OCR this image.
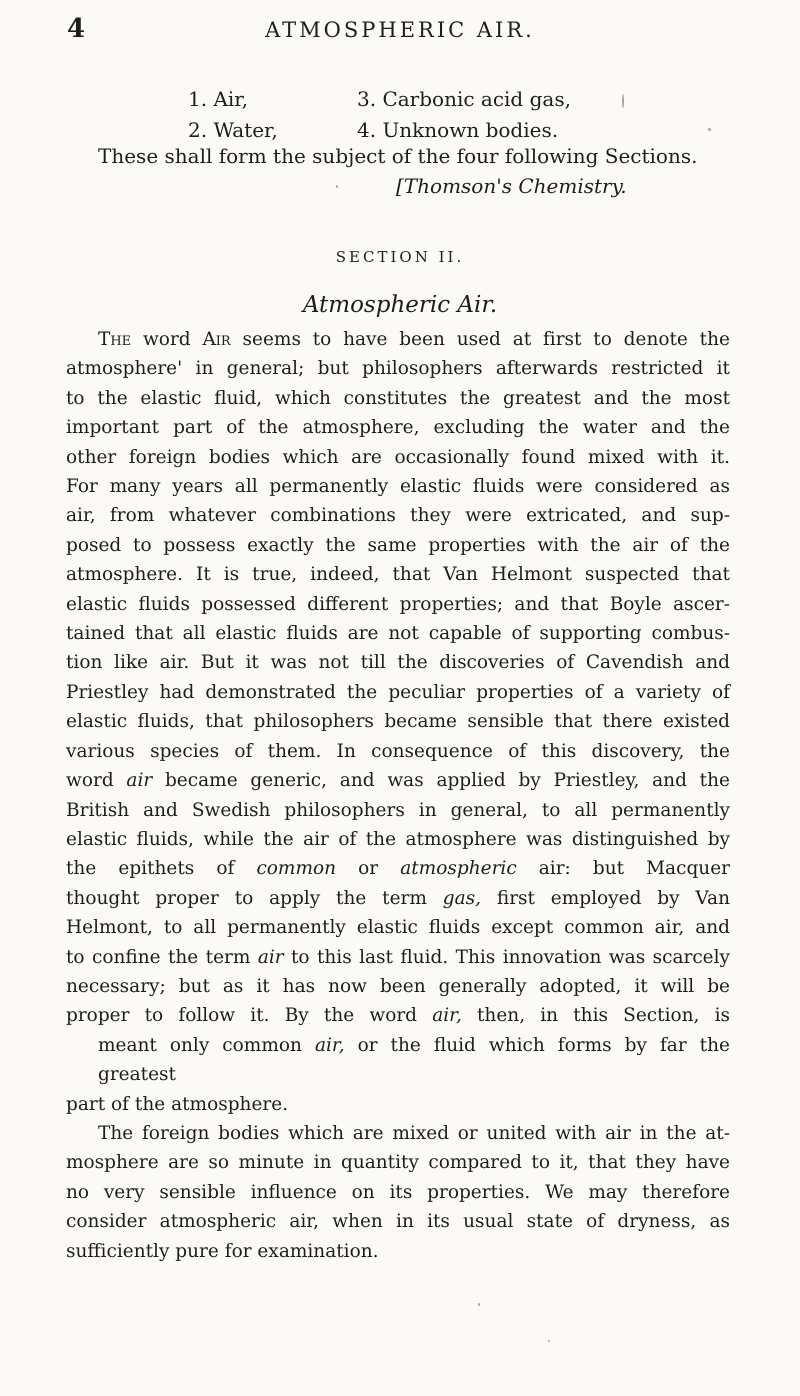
4	ATMOSPHERIC AIR.
1. Air,	3. Carbonic acid gas,
2. Water,	4. Unknown bodies.
These shall form the subject of the four following Sections.
[Thomson's Chemistry.
SECTION II.
Atmospheric Air.
The word Air seems to have been used at first to denote the
atmosphere' in general; but philosophers afterwards restricted it
to the elastic fluid, which constitutes the greatest and the most
important part of the atmosphere, excluding the water and the
other foreign bodies which are occasionally found mixed with it.
For many years all permanently elastic fluids were considered as
air, from whatever combinations they were extricated, and sup-
posed to possess exactly the same properties with the air of the
atmosphere. It is true, indeed, that Van Helmont suspected that
elastic fluids possessed different properties; and that Boyle ascer-
tained that all elastic fluids are not capable of supporting combus-
tion like air. But it was not till the discoveries of Cavendish and
Priestley had demonstrated the peculiar properties of a variety of
elastic fluids, that philosophers became sensible that there existed
various species of them. In consequence of this discovery, the
word air became generic, and was applied by Priestley, and the
British and Swedish philosophers in general, to all permanently
elastic fluids, while the air of the atmosphere was distinguished by
the epithets of common or atmospheric air: but Macquer
thought proper to apply the term gas, first employed by Van
Helmont, to all permanently elastic fluids except common air, and
to confine the term air to this last fluid. This innovation was scarcely
necessary; but as it has now been generally adopted, it will be
proper to follow it. By the word air, then, in this Section, is
meant only common air, or the fluid which forms by far the greatest
part of the atmosphere.
The foreign bodies which are mixed or united with air in the at-
mosphere are so minute in quantity compared to it, that they have
no very sensible influence on its properties. We may therefore
consider atmospheric air, when in its usual state of dryness, as
sufficiently pure for examination.
